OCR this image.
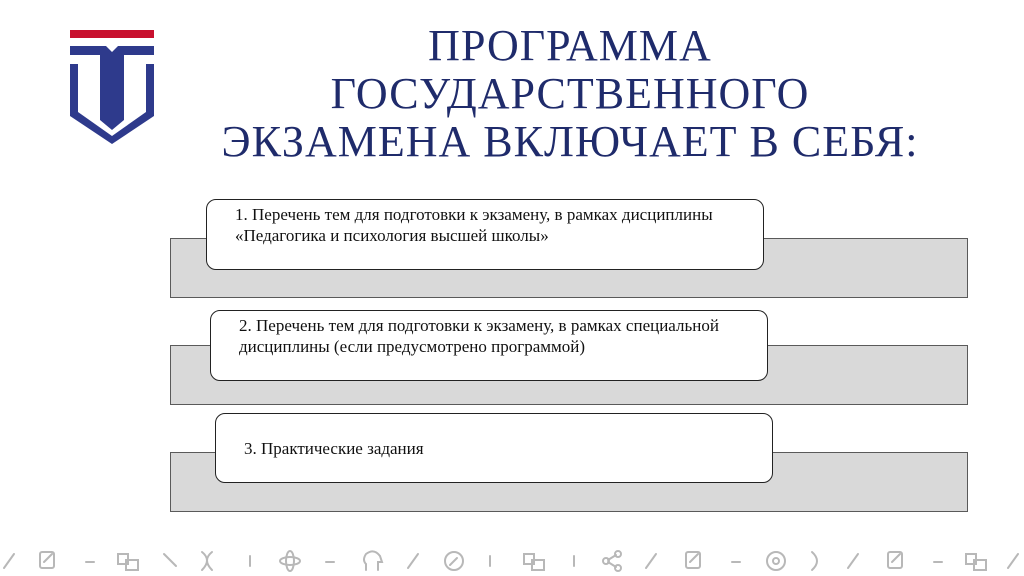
ПРОГРАММА
ГОСУДАРСТВЕННОГО
ЭКЗАМЕНА ВКЛЮЧАЕТ В СЕБЯ:
1. Перечень тем для подготовки к экзамену, в рамках дисциплины «Педагогика и психология высшей школы»
2. Перечень тем для подготовки к экзамену, в рамках специальной дисциплины (если предусмотрено программой)
3. Практические задания
